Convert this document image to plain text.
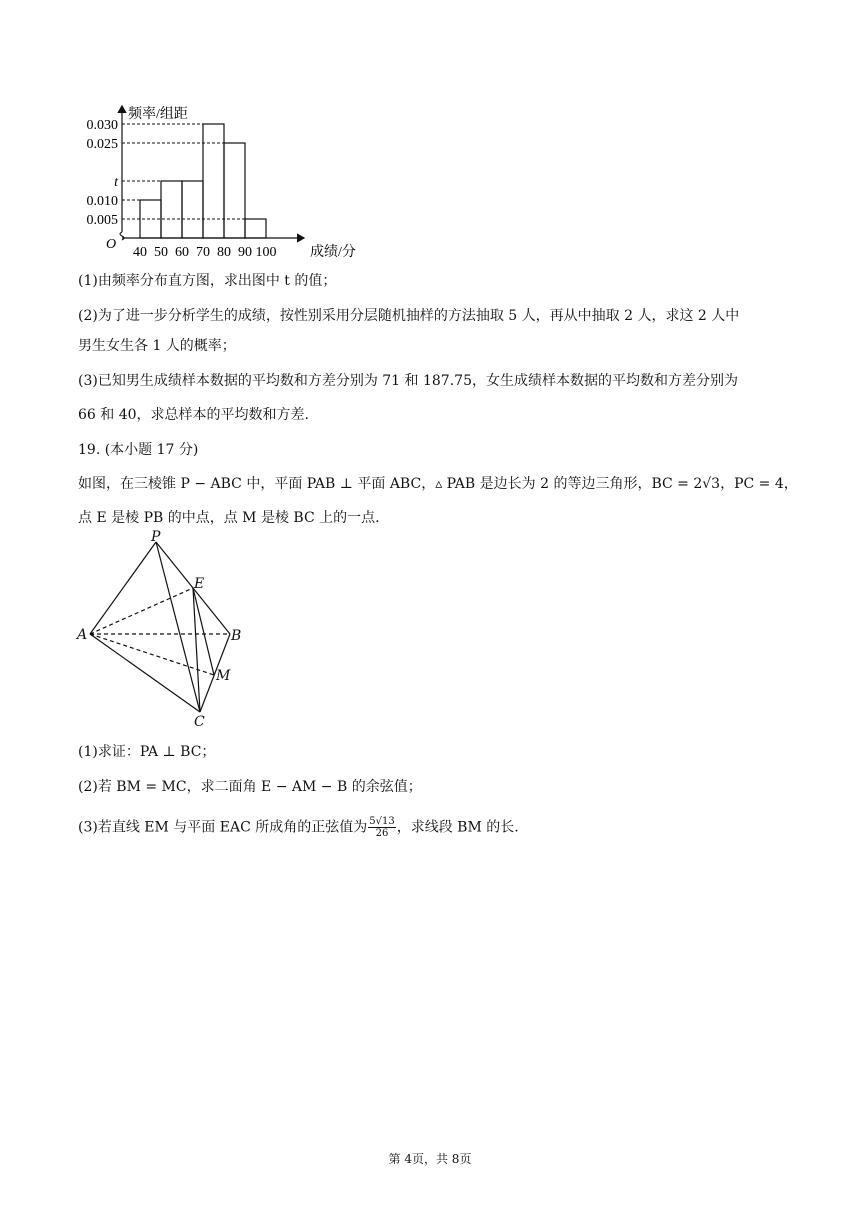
频率/组距
成绩/分
O
40 50 60 70 80 90 100
0.005
0.010
t
0.025
0.030
(1)由频率分布直方图，求出图中 t 的值；
(2)为了进一步分析学生的成绩，按性别采用分层随机抽样的方法抽取 5 人，再从中抽取 2 人，求这 2 人中
男生女生各 1 人的概率；
(3)已知男生成绩样本数据的平均数和方差分别为 71 和 187.75，女生成绩样本数据的平均数和方差分别为
66 和 40，求总样本的平均数和方差.
19. (本小题 17 分)
如图，在三棱锥 P − ABC 中，平面 PAB ⊥ 平面 ABC，▵ PAB 是边长为 2 的等边三角形，BC = 2√3，PC = 4，
点 E 是棱 PB 的中点，点 M 是棱 BC 上的一点.
P
E
A	B
M
C
(1)求证：PA ⊥ BC；
(2)若 BM = MC，求二面角 E − AM − B 的余弦值；
(3)若直线 EM 与平面 EAC 所成角的正弦值为 $\frac{5√13}{26}$ ，求线段 BM 的长.
第 4页，共 8页
